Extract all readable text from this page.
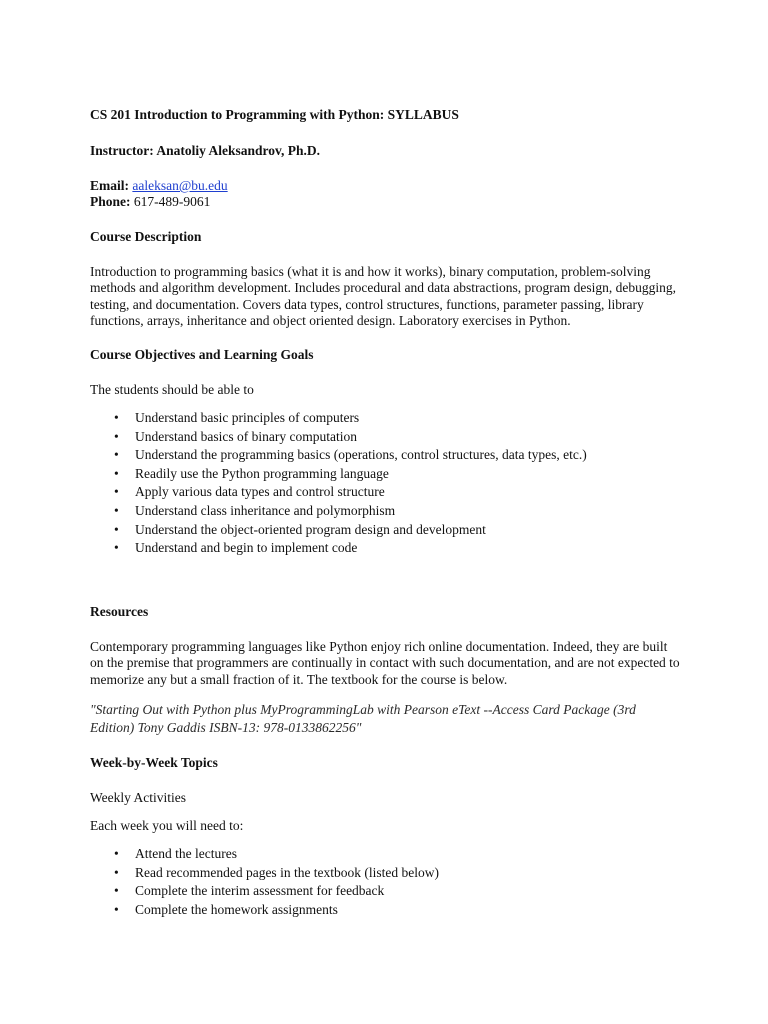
CS 201 Introduction to Programming with Python: SYLLABUS
Instructor: Anatoliy Aleksandrov, Ph.D.
Email: aaleksan@bu.edu
Phone: 617-489-9061
Course Description
Introduction to programming basics (what it is and how it works), binary computation, problem-solving methods and algorithm development. Includes procedural and data abstractions, program design, debugging, testing, and documentation. Covers data types, control structures, functions, parameter passing, library functions, arrays, inheritance and object oriented design. Laboratory exercises in Python.
Course Objectives and Learning Goals
The students should be able to
• Understand basic principles of computers
• Understand basics of binary computation
• Understand the programming basics (operations, control structures, data types, etc.)
• Readily use the Python programming language
• Apply various data types and control structure
• Understand class inheritance and polymorphism
• Understand the object-oriented program design and development
• Understand and begin to implement code
Resources
Contemporary programming languages like Python enjoy rich online documentation. Indeed, they are built on the premise that programmers are continually in contact with such documentation, and are not expected to memorize any but a small fraction of it. The textbook for the course is below.
"Starting Out with Python plus MyProgrammingLab with Pearson eText --Access Card Package (3rd Edition) Tony Gaddis ISBN-13: 978-0133862256"
Week-by-Week Topics
Weekly Activities
Each week you will need to:
• Attend the lectures
• Read recommended pages in the textbook (listed below)
• Complete the interim assessment for feedback
• Complete the homework assignments
